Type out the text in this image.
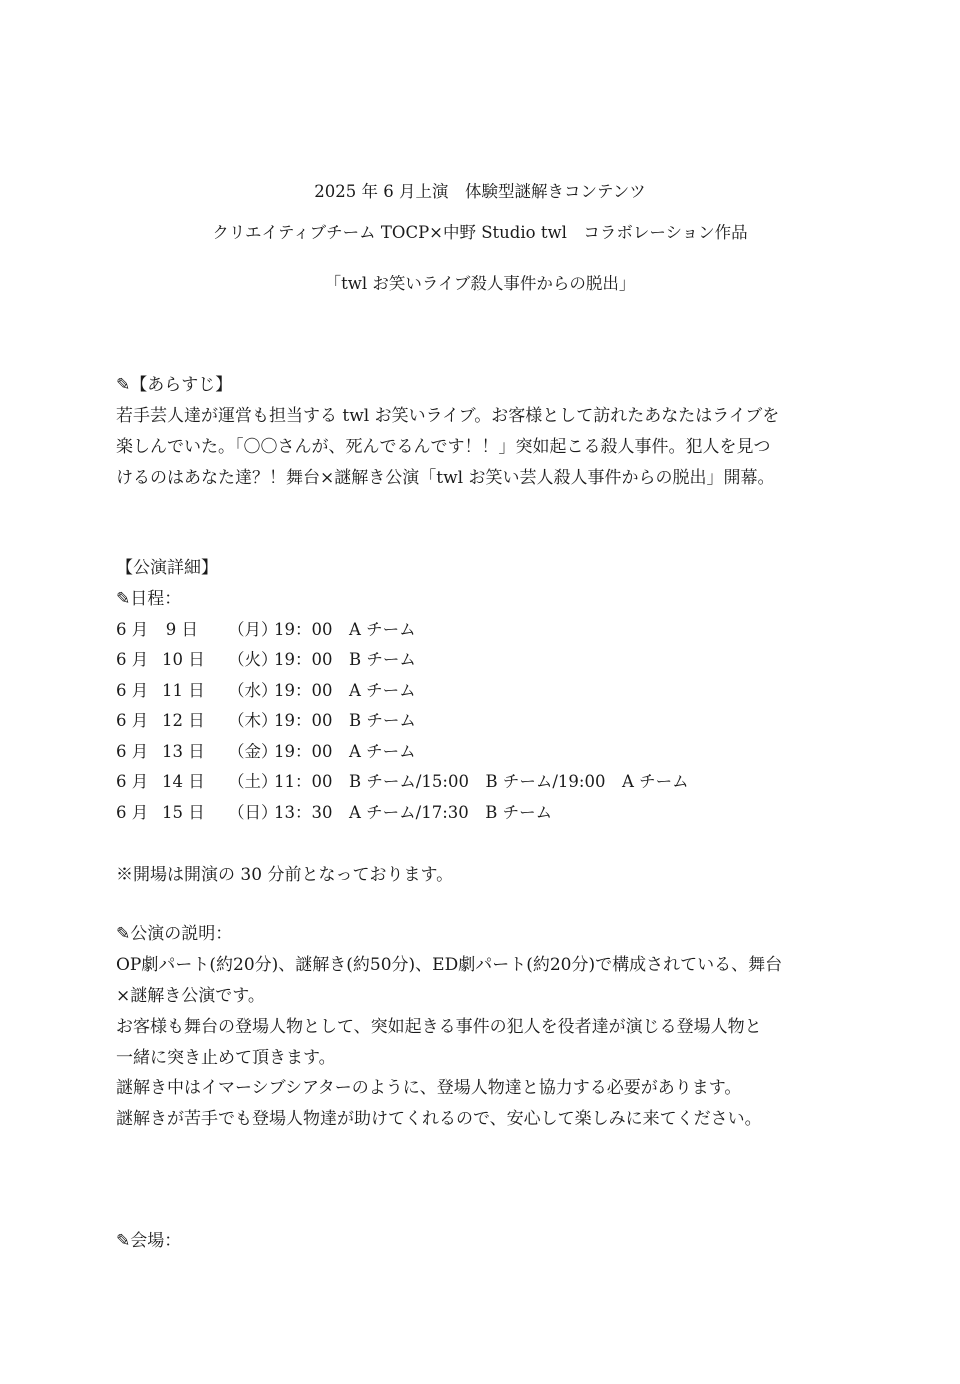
2025 年 6 月上演　体験型謎解きコンテンツ
クリエイティブチーム TOCP×中野 Studio twl　コラボレーション作品
「twl お笑いライブ殺人事件からの脱出」
✎【あらすじ】
若手芸人達が運営も担当する twl お笑いライブ。お客様として訪れたあなたはライブを
楽しんでいた。「〇〇さんが、死んでるんです！！」突如起こる殺人事件。犯人を見つ
けるのはあなた達？！舞台×謎解き公演「twl お笑い芸人殺人事件からの脱出」開幕。
【公演詳細】
✎日程：
6 月 9 日 （月）
19：00　A チーム
6 月 10 日 （火）
19：00　B チーム
6 月 11 日 （水）
19：00　A チーム
6 月 12 日 （木）
19：00　B チーム
6 月 13 日 （金）
19：00　A チーム
6 月 14 日 （土）
11：00　B チーム/15:00　B チーム/19:00　A チーム
6 月 15 日 （日）
13：30　A チーム/17:30　B チーム
※開場は開演の 30 分前となっております。
✎公演の説明：
OP劇パート(約20分)、謎解き(約50分)、ED劇パート(約20分)で構成されている、舞台
×謎解き公演です。
お客様も舞台の登場人物として、突如起きる事件の犯人を役者達が演じる登場人物と
一緒に突き止めて頂きます。
謎解き中はイマーシブシアターのように、登場人物達と協力する必要があります。
謎解きが苦手でも登場人物達が助けてくれるので、安心して楽しみに来てください。
✎会場：
